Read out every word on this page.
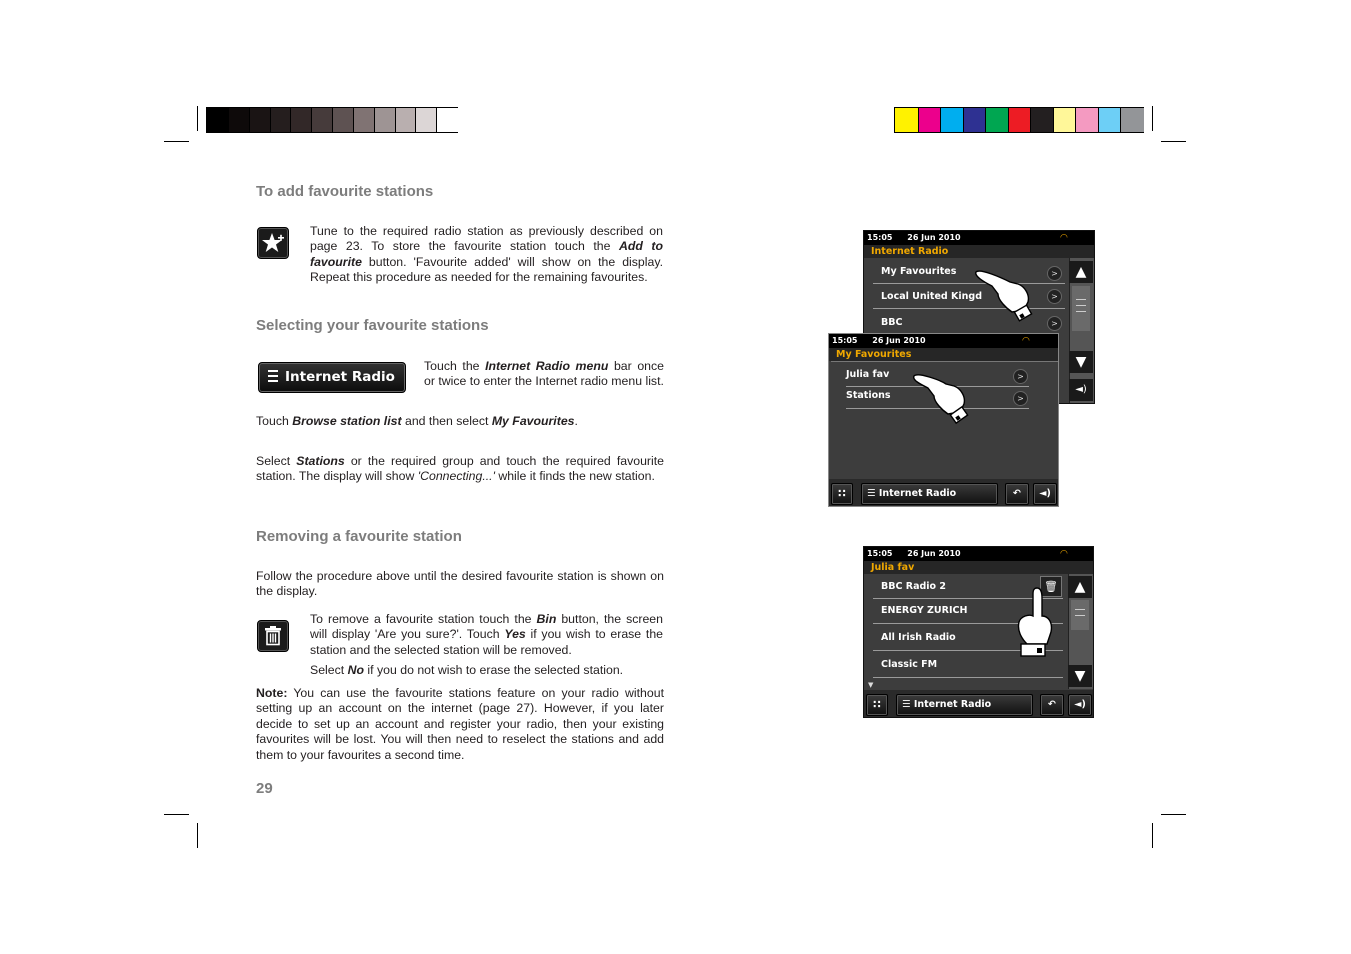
To add favourite stations

Tune to the required radio station as previously described on page 23. To store the favourite station touch the Add to favourite button. 'Favourite added' will show on the display. Repeat this procedure as needed for the remaining favourites.

Selecting your favourite stations
Internet Radio

Touch the Internet Radio menu bar once or twice to enter the Internet radio menu list.

Touch Browse station list and then select My Favourites.

Select Stations or the required group and touch the required favourite station. The display will show 'Connecting...' while it finds the new station.

Removing a favourite station

Follow the procedure above until the desired favourite station is shown on the display.

To remove a favourite station touch the Bin button, the screen will display 'Are you sure?'. Touch Yes if you wish to erase the station and the selected station will be removed.

Select No if you do not wish to erase the selected station.

Note: You can use the favourite stations feature on your radio without setting up an account on the internet (page 27). However, if you later decide to set up an account and register your radio, then your existing favourites will be lost. You will then need to reselect the stations and add them to your favourites a second time.

29
15:05 26 Jun 2010	◠
Internet Radio
My Favourites	>
Local United Kingd	>
BBC	>
▲
▼
◄)
15:05 26 Jun 2010	◠
My Favourites
Julia fav	>
Stations	>
∷	☰ Internet Radio	↶	◄)
15:05 26 Jun 2010	◠
Julia fav
BBC Radio 2	🗑
ENERGY ZURICH
All Irish Radio
Classic FM
▼
▲
▼
∷	☰ Internet Radio	↶	◄)
